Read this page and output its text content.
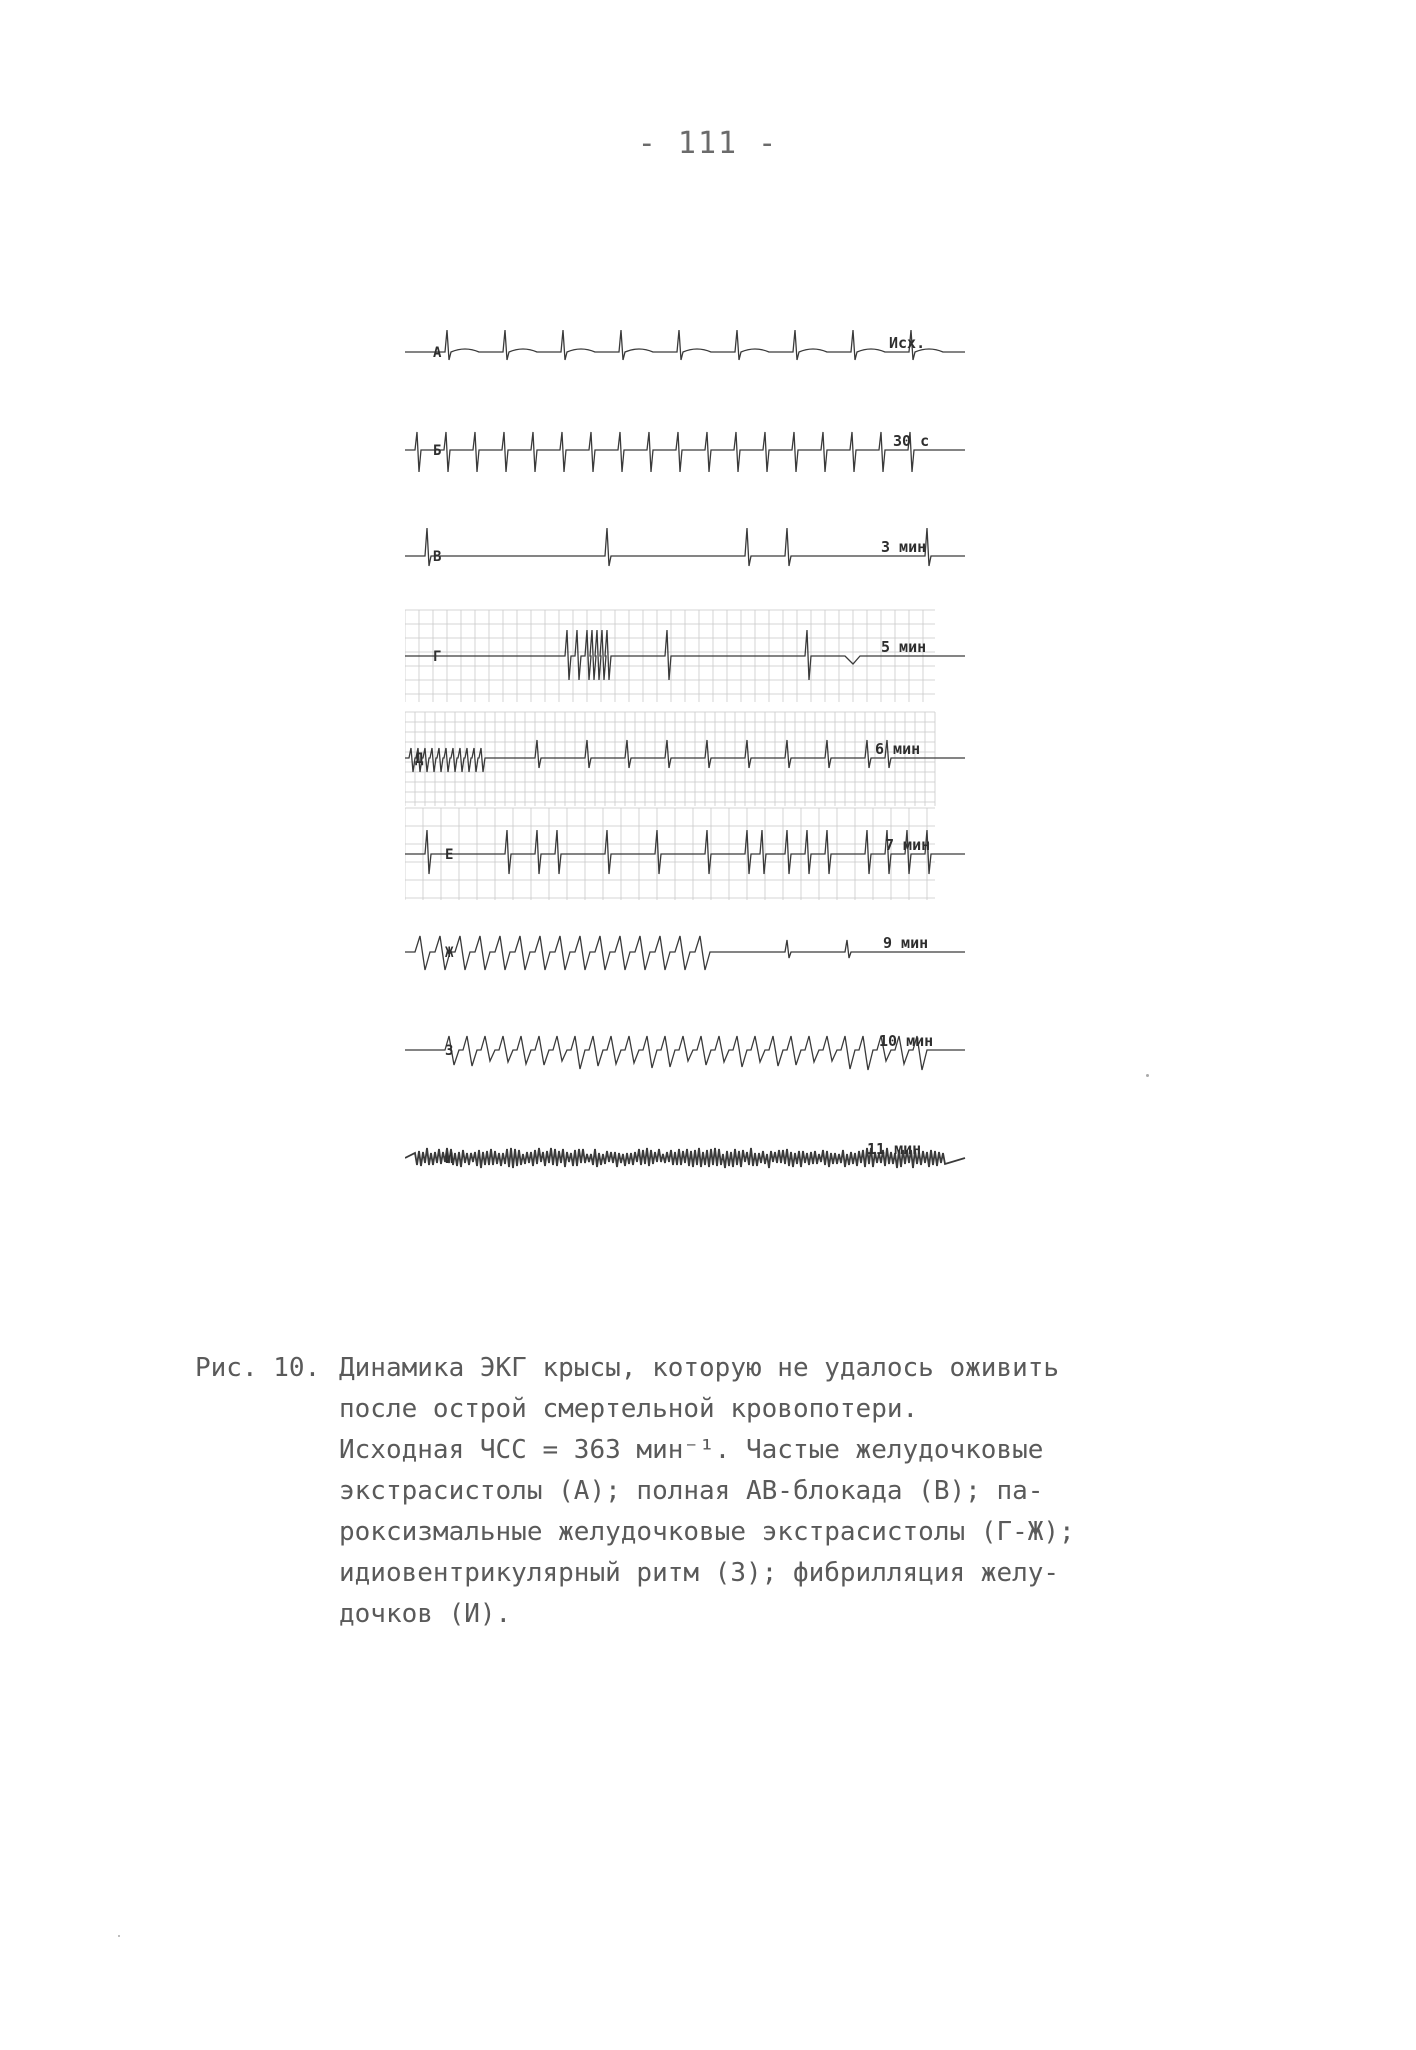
- 111 -
А
Исх.
Б
30 с
В
3 мин
Г
5 мин
Д
6 мин
Е
7 мин
Ж
9 мин
З
10 мин
И
11 мин
Рис. 10. Динамика ЭКГ крысы, которую не удалось оживить
после острой смертельной кровопотери.
Исходная ЧСС = 363 мин⁻¹. Частые желудочковые
экстрасистолы (А); полная АВ-блокада (В); па-
роксизмальные желудочковые экстрасистолы (Г-Ж);
идиовентрикулярный ритм (З); фибрилляция желу-
дочков (И).
